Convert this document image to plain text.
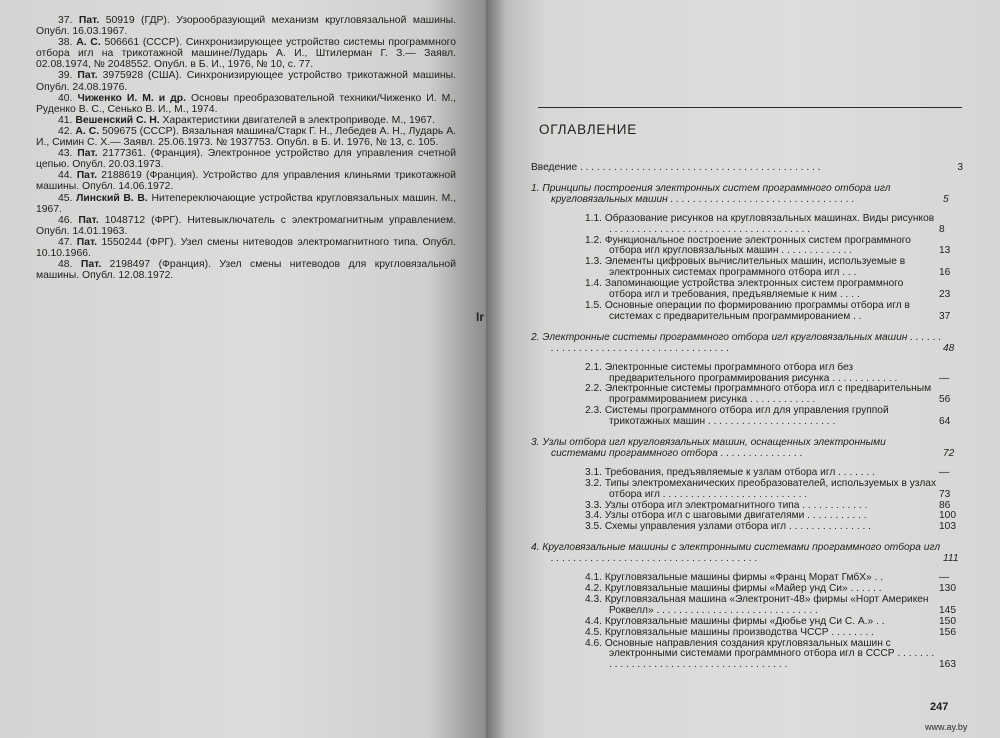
37. Пат. 50919 (ГДР). Узорообразующий механизм кругловязальной машины. Опубл. 16.03.1967.
38. А. С. 506661 (СССР). Синхронизирующее устройство системы программного отбора игл на трикотажной машине/Лударь А. И., Штилерман Г. З.— Заявл. 02.08.1974, № 2048552. Опубл. в Б. И., 1976, № 10, с. 77.
39. Пат. 3975928 (США). Синхронизирующее устройство трикотажной машины. Опубл. 24.08.1976.
40. Чиженко И. М. и др. Основы преобразовательной техники/Чиженко И. М., Руденко В. С., Сенько В. И., М., 1974.
41. Вешенский С. Н. Характеристики двигателей в электроприводе. М., 1967.
42. А. С. 509675 (СССР). Вязальная машина/Старк Г. Н., Лебедев А. Н., Лударь А. И., Симин С. Х.— Заявл. 25.06.1973. № 1937753. Опубл. в Б. И. 1976, № 13, с. 105.
43. Пат. 2177361. (Франция). Электронное устройство для управления счетной цепью. Опубл. 20.03.1973.
44. Пат. 2188619 (Франция). Устройство для управления клиньями трикотажной машины. Опубл. 14.06.1972.
45. Линский В. В. Нитепереключающие устройства кругловязальных машин. М., 1967.
46. Пат. 1048712 (ФРГ). Нитевыключатель с электромагнитным управлением. Опубл. 14.01.1963.
47. Пат. 1550244 (ФРГ). Узел смены нитеводов электромагнитного типа. Опубл. 10.10.1966.
48. Пат. 2198497 (Франция). Узел смены нитеводов для кругловязальной машины. Опубл. 12.08.1972.
Ir
ОГЛАВЛЕНИЕ
Введение . . . . . . . . . . . . . . . . . . . . . . . . . . . . . . . . . . . . . . . . . . .	3
1. Принципы построения электронных систем программного отбора игл кругловязальных машин . . . . . . . . . . . . . . . . . . . . . . . . . . . . . . . . .	5
1.1. Образование рисунков на кругловязальных машинах. Виды рисунков . . . . . . . . . . . . . . . . . . . . . . . . . . . . . . . . . . . .	8
1.2. Функциональное построение электронных систем программного отбора игл кругловязальных машин . . . . . . . . . . . . .	13
1.3. Элементы цифровых вычислительных машин, используемые в электронных системах программного отбора игл . . .	16
1.4. Запоминающие устройства электронных систем программного отбора игл и требования, предъявляемые к ним . . . .	23
1.5. Основные операции по формированию программы отбора игл в системах с предварительным программированием . .	37
2. Электронные системы программного отбора игл кругловязальных машин . . . . . . . . . . . . . . . . . . . . . . . . . . . . . . . . . . . . . .	48
2.1. Электронные системы программного отбора игл без предварительного программирования рисунка . . . . . . . . . . . .	—
2.2. Электронные системы программного отбора игл с предварительным программированием рисунка . . . . . . . . . . . .	56
2.3. Системы программного отбора игл для управления группой трикотажных машин . . . . . . . . . . . . . . . . . . . . . . .	64
3. Узлы отбора игл кругловязальных машин, оснащенных электронными системами программного отбора . . . . . . . . . . . . . . .	72
3.1. Требования, предъявляемые к узлам отбора игл . . . . . . .	—
3.2. Типы электромеханических преобразователей, используемых в узлах отбора игл . . . . . . . . . . . . . . . . . . . . . . . . . .	73
3.3. Узлы отбора игл электромагнитного типа . . . . . . . . . . . .	86
3.4. Узлы отбора игл с шаговыми двигателями . . . . . . . . . . .	100
3.5. Схемы управления узлами отбора игл . . . . . . . . . . . . . . .	103
4. Кругловязальные машины с электронными системами программного отбора игл . . . . . . . . . . . . . . . . . . . . . . . . . . . . . . . . . . . . .	111
4.1. Кругловязальные машины фирмы «Франц Морат ГмбХ» . .	—
4.2. Кругловязальные машины фирмы «Майер унд Си» . . . . . .	130
4.3. Кругловязальная машина «Электронит-48» фирмы «Норт Америкен Роквелл» . . . . . . . . . . . . . . . . . . . . . . . . . . . . .	145
4.4. Кругловязальные машины фирмы «Дюбье унд Си С. А.» . .	150
4.5. Кругловязальные машины производства ЧССР . . . . . . . .	156
4.6. Основные направления создания кругловязальных машин с электронными системами программного отбора игл в СССР . . . . . . . . . . . . . . . . . . . . . . . . . . . . . . . . . . . . . . .	163
247
www.ay.by
